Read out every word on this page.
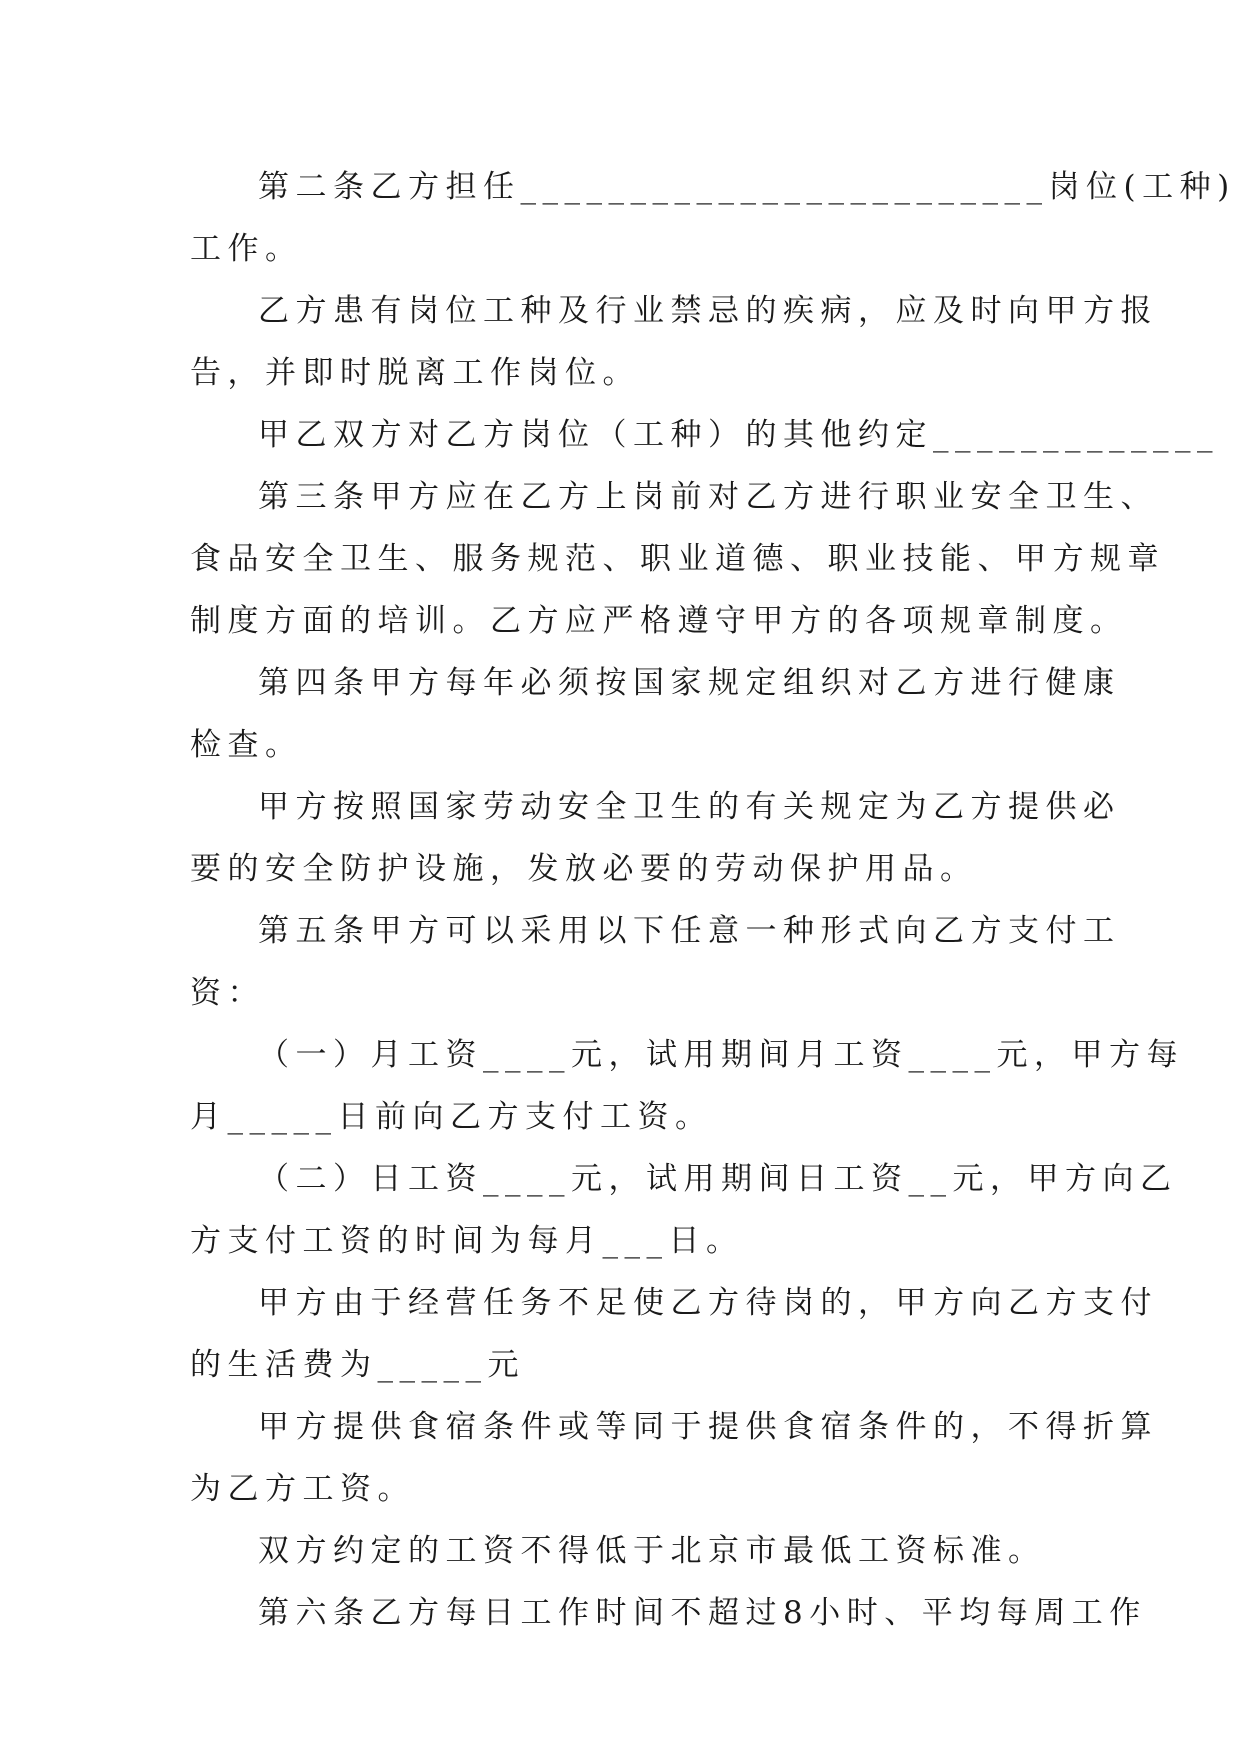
第二条乙方担任________________________岗位(工种)
工作。
乙方患有岗位工种及行业禁忌的疾病，应及时向甲方报
告，并即时脱离工作岗位。
甲乙双方对乙方岗位（工种）的其他约定_____________
第三条甲方应在乙方上岗前对乙方进行职业安全卫生、
食品安全卫生、服务规范、职业道德、职业技能、甲方规章
制度方面的培训。乙方应严格遵守甲方的各项规章制度。
第四条甲方每年必须按国家规定组织对乙方进行健康
检查。
甲方按照国家劳动安全卫生的有关规定为乙方提供必
要的安全防护设施，发放必要的劳动保护用品。
第五条甲方可以采用以下任意一种形式向乙方支付工
资：
（一）月工资____元，试用期间月工资____元，甲方每
月_____日前向乙方支付工资。
（二）日工资____元，试用期间日工资__元，甲方向乙
方支付工资的时间为每月___日。
甲方由于经营任务不足使乙方待岗的，甲方向乙方支付
的生活费为_____元
甲方提供食宿条件或等同于提供食宿条件的，不得折算
为乙方工资。
双方约定的工资不得低于北京市最低工资标准。
第六条乙方每日工作时间不超过8小时、平均每周工作
